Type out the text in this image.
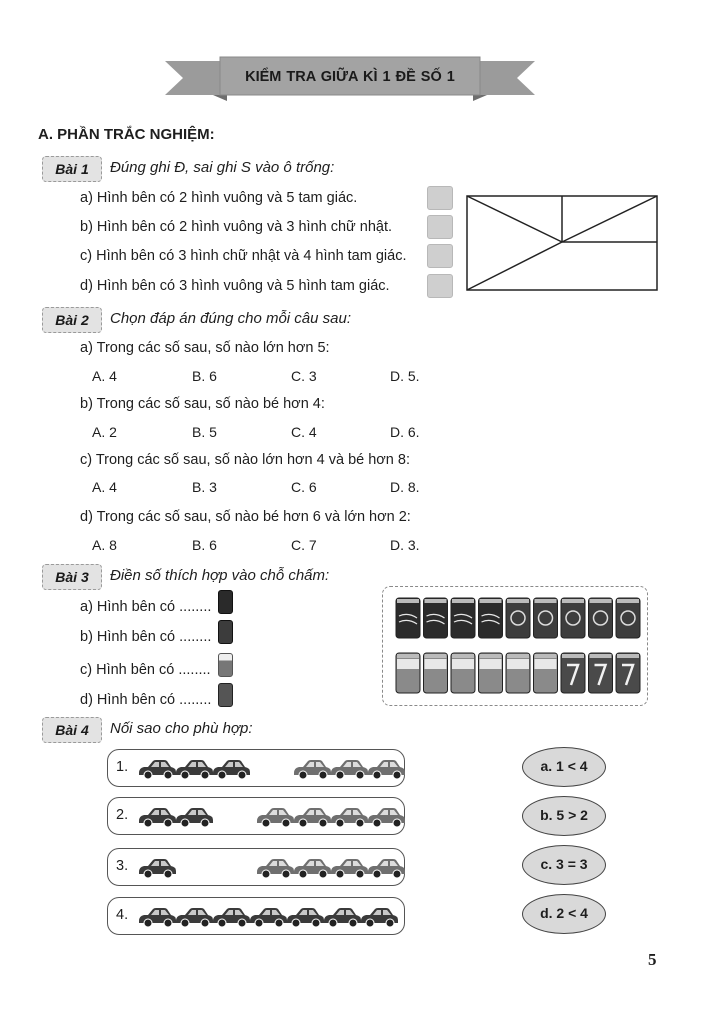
KIỂM TRA GIỮA KÌ 1 ĐỀ SỐ 1
A. PHẦN TRẮC NGHIỆM:
Bài 1	Đúng ghi Đ, sai ghi S vào ô trống:
a) Hình bên có 2 hình vuông và 5 tam giác.
b) Hình bên có 2 hình vuông và 3 hình chữ nhật.
c) Hình bên có 3 hình chữ nhật và 4 hình tam giác.
d) Hình bên có 3 hình vuông và 5 hình tam giác.
Bài 2	Chọn đáp án đúng cho mỗi câu sau:
a) Trong các số sau, số nào lớn hơn 5:
A. 4	B. 6	C. 3	D. 5.
b) Trong các số sau, số nào bé hơn 4:
A. 2	B. 5	C. 4	D. 6.
c) Trong các số sau, số nào lớn hơn 4 và bé hơn 8:
A. 4	B. 3	C. 6	D. 8.
d) Trong các số sau, số nào bé hơn 6 và lớn hơn 2:
A. 8	B. 6	C. 7	D. 3.
Bài 3	Điền số thích hợp vào chỗ chấm:
a) Hình bên có ........
b) Hình bên có ........
c) Hình bên có ........
d) Hình bên có ........
Bài 4	Nối sao cho phù hợp:
1.
2.
3.
4.
a. 1 < 4
b. 5 > 2
c. 3 = 3
d. 2 < 4
5
